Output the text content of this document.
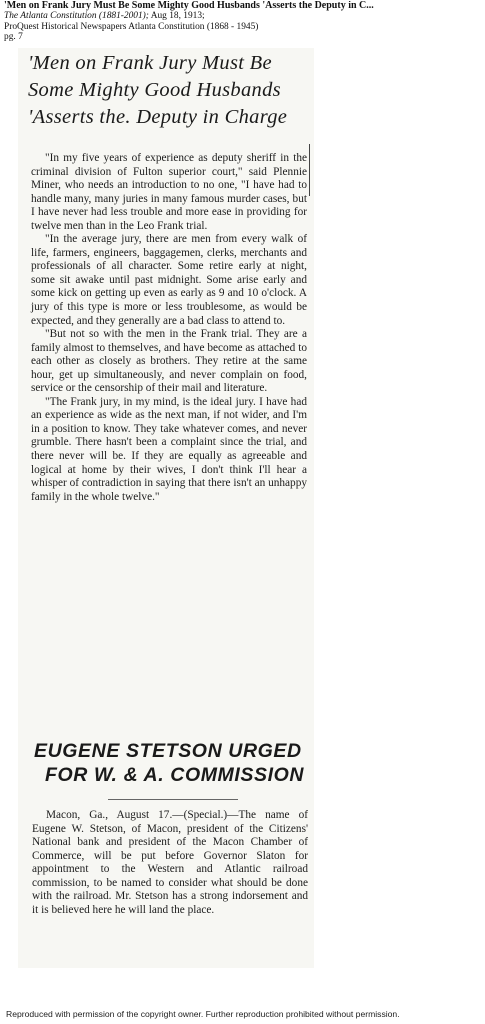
'Men on Frank Jury Must Be Some Mighty Good Husbands 'Asserts the Deputy in C...
The Atlanta Constitution (1881-2001); Aug 18, 1913;
ProQuest Historical Newspapers Atlanta Constitution (1868 - 1945)
pg. 7
'Men on Frank Jury Must Be
Some Mighty Good Husbands
'Asserts the. Deputy in Charge

"In my five years of experience as deputy sheriff in the criminal division of Fulton superior court," said Plennie Miner, who needs an introduction to no one, "I have had to handle many, many juries in many famous murder cases, but I have never had less trouble and more ease in providing for twelve men than in the Leo Frank trial.

"In the average jury, there are men from every walk of life, farmers, engineers, baggagemen, clerks, merchants and professionals of all character. Some retire early at night, some sit awake until past midnight. Some arise early and some kick on getting up even as early as 9 and 10 o'clock. A jury of this type is more or less troublesome, as would be expected, and they generally are a bad class to attend to.

"But not so with the men in the Frank trial. They are a family almost to themselves, and have become as attached to each other as closely as brothers. They retire at the same hour, get up simultaneously, and never complain on food, service or the censorship of their mail and literature.

"The Frank jury, in my mind, is the ideal jury. I have had an experience as wide as the next man, if not wider, and I'm in a position to know. They take whatever comes, and never grumble. There hasn't been a complaint since the trial, and there never will be. If they are equally as agreeable and logical at home by their wives, I don't think I'll hear a whisper of contradiction in saying that there isn't an unhappy family in the whole twelve."

EUGENE STETSON URGED
FOR W. & A. COMMISSION

Macon, Ga., August 17.—(Special.)—The name of Eugene W. Stetson, of Macon, president of the Citizens' National bank and president of the Macon Chamber of Commerce, will be put before Governor Slaton for appointment to the Western and Atlantic railroad commission, to be named to consider what should be done with the railroad. Mr. Stetson has a strong indorsement and it is believed here he will land the place.

Reproduced with permission of the copyright owner. Further reproduction prohibited without permission.
